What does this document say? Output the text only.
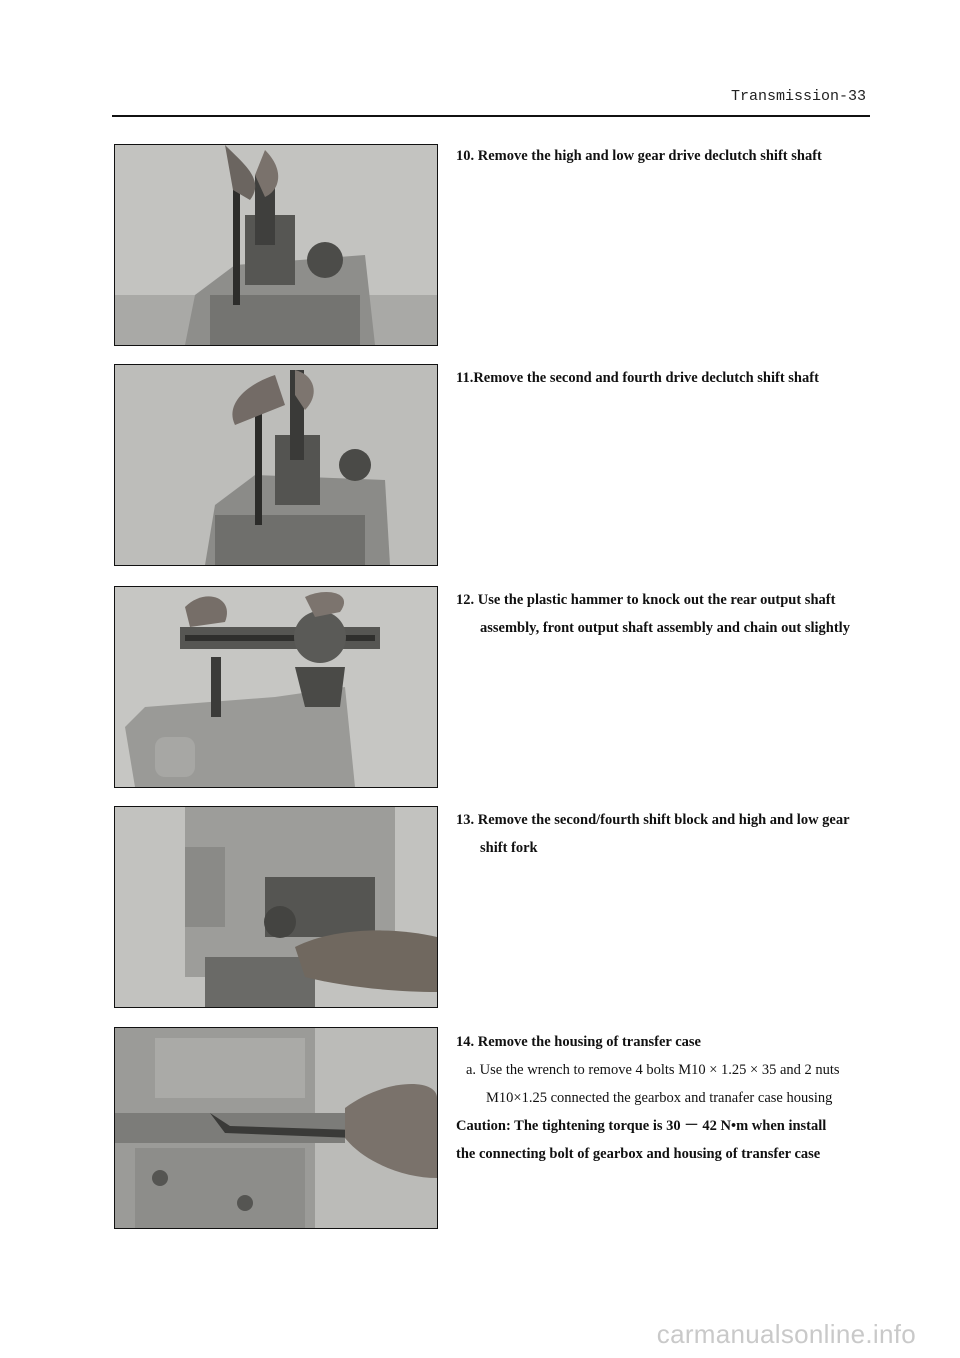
Transmission-33
10. Remove the high and low gear drive declutch shift shaft
11.Remove the second and fourth drive declutch shift shaft
12. Use the plastic hammer to knock out the rear output shaft
assembly, front output shaft assembly and chain out slightly
13. Remove the second/fourth shift block and high and low gear
shift fork
14. Remove the housing of transfer case
a. Use the wrench to remove 4 bolts M10 × 1.25 × 35 and 2 nuts
M10×1.25 connected the gearbox and tranafer case housing
Caution: The tightening torque is 30 － 42 N•m when install
the connecting bolt of gearbox and housing of transfer case
carmanualsonline.info
